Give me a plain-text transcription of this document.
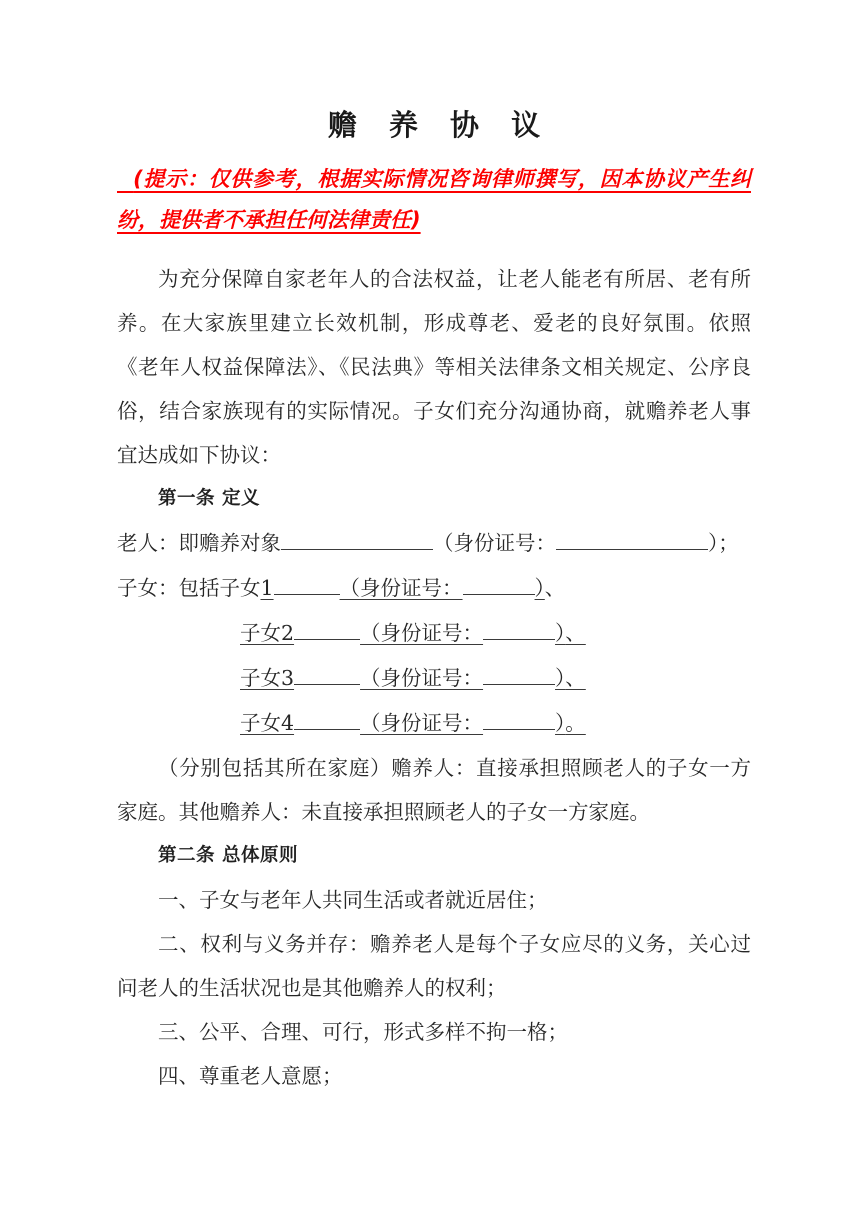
赡 养 协 议

(提示：仅供参考，根据实际情况咨询律师撰写，因本协议产生纠纷，提供者不承担任何法律责任)

为充分保障自家老年人的合法权益，让老人能老有所居、老有所养。在大家族里建立长效机制，形成尊老、爱老的良好氛围。依照《老年人权益保障法》、《民法典》等相关法律条文相关规定、公序良俗，结合家族现有的实际情况。子女们充分沟通协商，就赡养老人事宜达成如下协议：

第一条 定义

老人：即赡养对象	（身份证号：	）；

子女：包括子女1	（身份证号：	）、

子女2	（身份证号：	）、

子女3	（身份证号：	）、

子女4	（身份证号：	）。

（分别包括其所在家庭）赡养人：直接承担照顾老人的子女一方家庭。其他赡养人：未直接承担照顾老人的子女一方家庭。

第二条 总体原则

一、子女与老年人共同生活或者就近居住；

二、权利与义务并存：赡养老人是每个子女应尽的义务，关心过问老人的生活状况也是其他赡养人的权利；

三、公平、合理、可行，形式多样不拘一格；

四、尊重老人意愿；
